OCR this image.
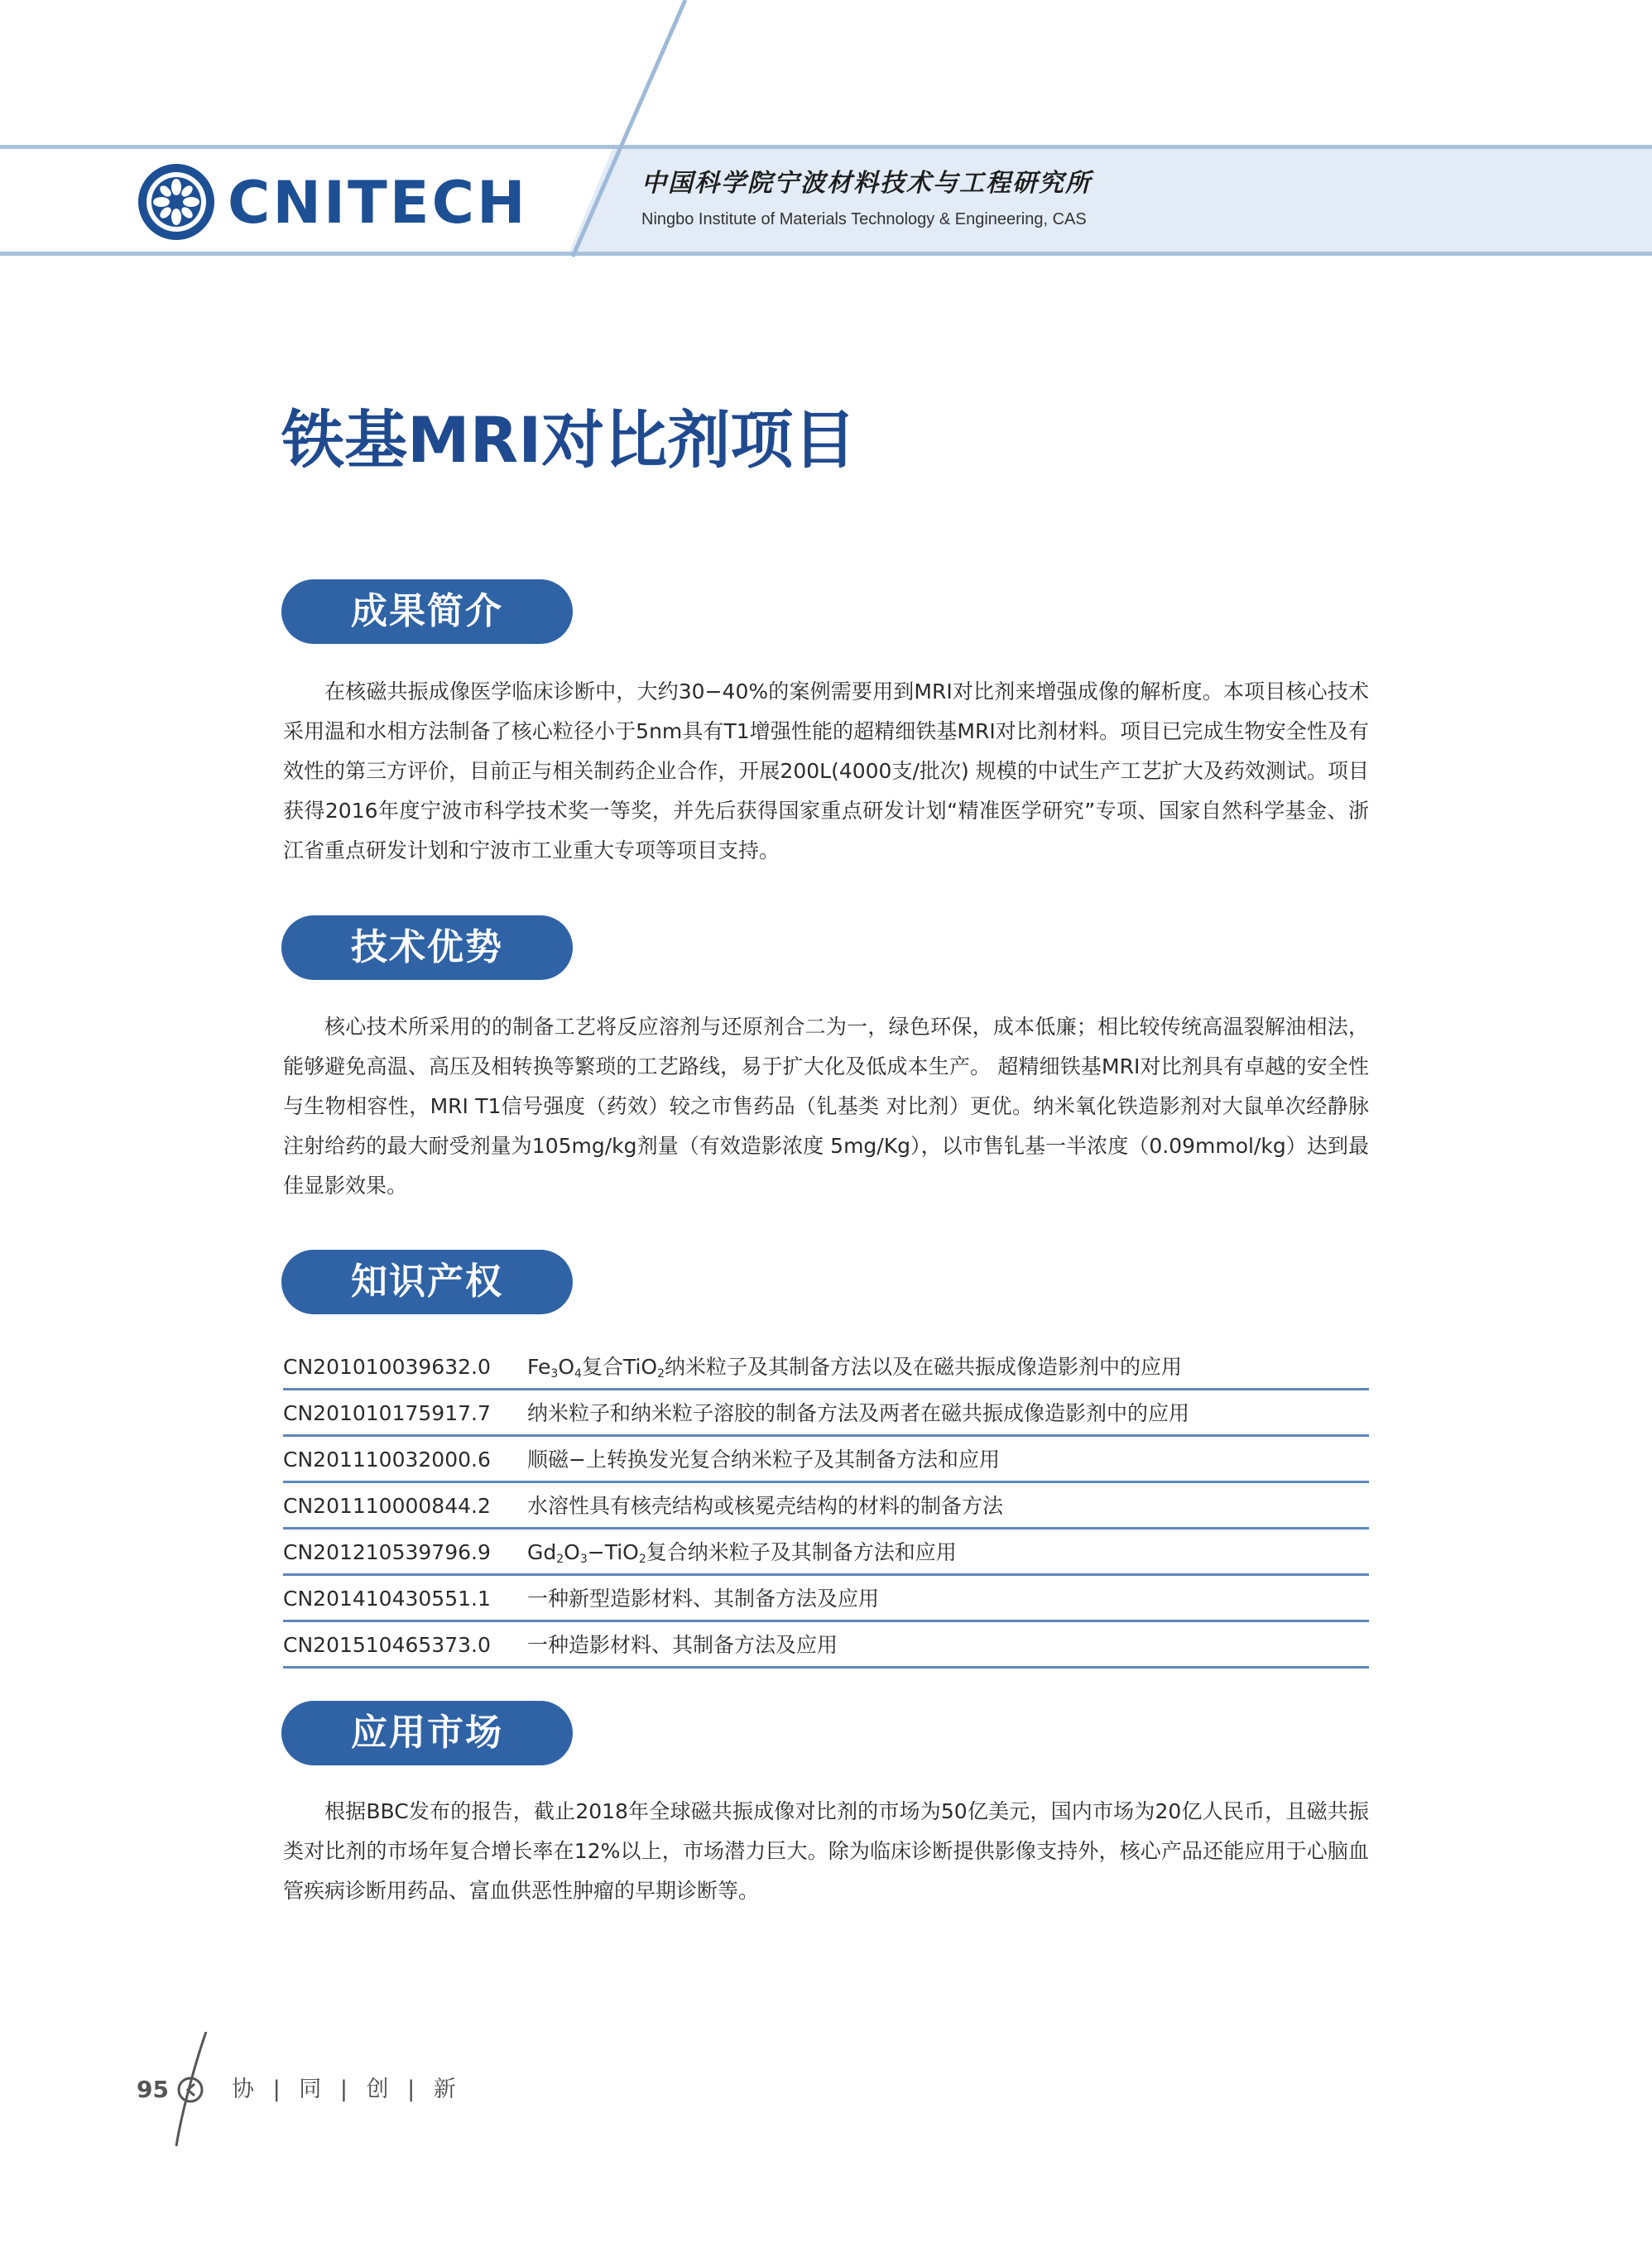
CNITECH	中国科学院宁波材料技术与工程研究所
Ningbo Institute of Materials Technology & Engineering, CAS
铁基MRI对比剂项目
成果简介

在核磁共振成像医学临床诊断中，大约30−40%的案例需要用到MRI对比剂来增强成像的解析度。本项目核心技术采用温和水相方法制备了核心粒径小于5nm具有T1增强性能的超精细铁基MRI对比剂材料。项目已完成生物安全性及有效性的第三方评价，目前正与相关制药企业合作，开展200L(4000支/批次) 规模的中试生产工艺扩大及药效测试。项目获得2016年度宁波市科学技术奖一等奖，并先后获得国家重点研发计划“精准医学研究”专项、国家自然科学基金、浙江省重点研发计划和宁波市工业重大专项等项目支持。

技术优势

核心技术所采用的的制备工艺将反应溶剂与还原剂合二为一，绿色环保，成本低廉；相比较传统高温裂解油相法，能够避免高温、高压及相转换等繁琐的工艺路线，易于扩大化及低成本生产。 超精细铁基MRI对比剂具有卓越的安全性与生物相容性，MRI T1信号强度（药效）较之市售药品（钆基类 对比剂）更优。纳米氧化铁造影剂对大鼠单次经静脉注射给药的最大耐受剂量为105mg/kg剂量（有效造影浓度 5mg/Kg），以市售钆基一半浓度（0.09mmol/kg）达到最佳显影效果。

知识产权
CN201010039632.0 $Fe_3O_4$复合TiO$_2$纳米粒子及其制备方法以及在磁共振成像造影剂中的应用
CN201010175917.7 纳米粒子和纳米粒子溶胶的制备方法及两者在磁共振成像造影剂中的应用
CN201110032000.6 顺磁−上转换发光复合纳米粒子及其制备方法和应用
CN201110000844.2 水溶性具有核壳结构或核冕壳结构的材料的制备方法
CN201210539796.9 $Gd_2O_3-TiO_2$复合纳米粒子及其制备方法和应用
CN201410430551.1 一种新型造影材料、其制备方法及应用
CN201510465373.0 一种造影材料、其制备方法及应用
应用市场

根据BBC发布的报告，截止2018年全球磁共振成像对比剂的市场为50亿美元，国内市场为20亿人民币，且磁共振类对比剂的市场年复合增长率在12%以上，市场潜力巨大。除为临床诊断提供影像支持外，核心产品还能应用于心脑血管疾病诊断用药品、富血供恶性肿瘤的早期诊断等。

95	协 | 同 | 创 | 新
